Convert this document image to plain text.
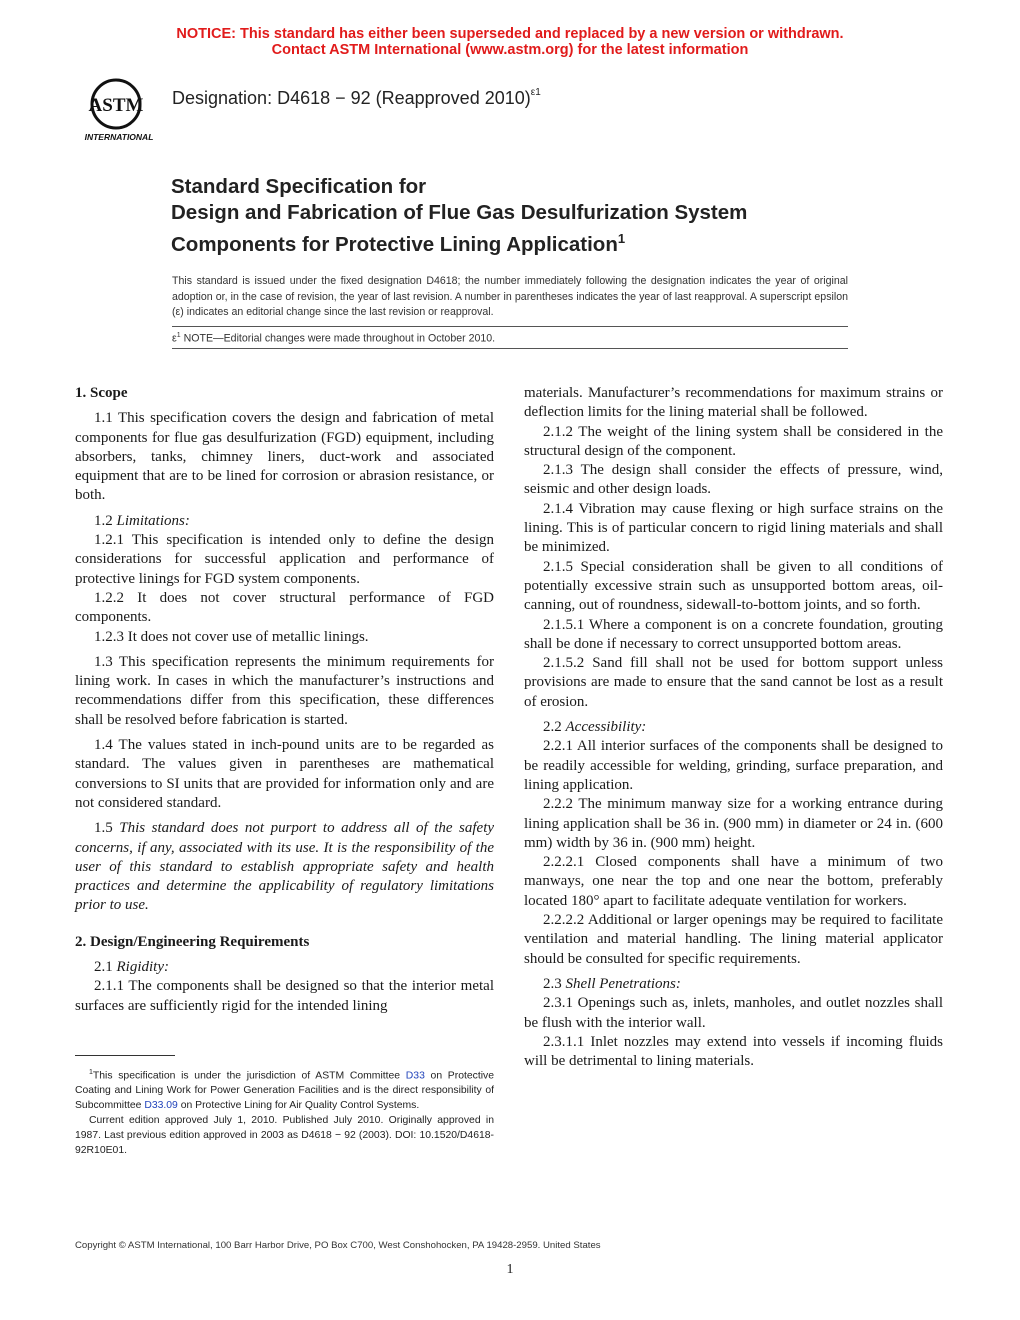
NOTICE: This standard has either been superseded and replaced by a new version or withdrawn.
Contact ASTM International (www.astm.org) for the latest information
ASTM
INTERNATIONAL
Designation: D4618 − 92 (Reapproved 2010)$^{\varepsilon 1}$
Standard Specification for
Design and Fabrication of Flue Gas Desulfurization System
Components for Protective Lining Application$^1$
This standard is issued under the fixed designation D4618; the number immediately following the designation indicates the year of original adoption or, in the case of revision, the year of last revision. A number in parentheses indicates the year of last reapproval. A superscript epsilon (ε) indicates an editorial change since the last revision or reapproval.
$\varepsilon^1$ NOTE—Editorial changes were made throughout in October 2010.
1. Scope

1.1 This specification covers the design and fabrication of metal components for flue gas desulfurization (FGD) equipment, including absorbers, tanks, chimney liners, duct-work and associated equipment that are to be lined for corrosion or abrasion resistance, or both.

1.2 Limitations:

1.2.1 This specification is intended only to define the design considerations for successful application and performance of protective linings for FGD system components.

1.2.2 It does not cover structural performance of FGD components.

1.2.3 It does not cover use of metallic linings.

1.3 This specification represents the minimum requirements for lining work. In cases in which the manufacturer’s instructions and recommendations differ from this specification, these differences shall be resolved before fabrication is started.

1.4 The values stated in inch-pound units are to be regarded as standard. The values given in parentheses are mathematical conversions to SI units that are provided for information only and are not considered standard.

1.5 This standard does not purport to address all of the safety concerns, if any, associated with its use. It is the responsibility of the user of this standard to establish appropriate safety and health practices and determine the applicability of regulatory limitations prior to use.

2. Design/Engineering Requirements

2.1 Rigidity:

2.1.1 The components shall be designed so that the interior metal surfaces are sufficiently rigid for the intended lining

$^1$This specification is under the jurisdiction of ASTM Committee D33 on Protective Coating and Lining Work for Power Generation Facilities and is the direct responsibility of Subcommittee D33.09 on Protective Lining for Air Quality Control Systems.

Current edition approved July 1, 2010. Published July 2010. Originally approved in 1987. Last previous edition approved in 2003 as D4618 − 92 (2003). DOI: 10.1520/D4618-92R10E01.

materials. Manufacturer’s recommendations for maximum strains or deflection limits for the lining material shall be followed.

2.1.2 The weight of the lining system shall be considered in the structural design of the component.

2.1.3 The design shall consider the effects of pressure, wind, seismic and other design loads.

2.1.4 Vibration may cause flexing or high surface strains on the lining. This is of particular concern to rigid lining materials and shall be minimized.

2.1.5 Special consideration shall be given to all conditions of potentially excessive strain such as unsupported bottom areas, oil-canning, out of roundness, sidewall-to-bottom joints, and so forth.

2.1.5.1 Where a component is on a concrete foundation, grouting shall be done if necessary to correct unsupported bottom areas.

2.1.5.2 Sand fill shall not be used for bottom support unless provisions are made to ensure that the sand cannot be lost as a result of erosion.

2.2 Accessibility:

2.2.1 All interior surfaces of the components shall be designed to be readily accessible for welding, grinding, surface preparation, and lining application.

2.2.2 The minimum manway size for a working entrance during lining application shall be 36 in. (900 mm) in diameter or 24 in. (600 mm) width by 36 in. (900 mm) height.

2.2.2.1 Closed components shall have a minimum of two manways, one near the top and one near the bottom, preferably located 180° apart to facilitate adequate ventilation for workers.

2.2.2.2 Additional or larger openings may be required to facilitate ventilation and material handling. The lining material applicator should be consulted for specific requirements.

2.3 Shell Penetrations:

2.3.1 Openings such as, inlets, manholes, and outlet nozzles shall be flush with the interior wall.

2.3.1.1 Inlet nozzles may extend into vessels if incoming fluids will be detrimental to lining materials.

Copyright © ASTM International, 100 Barr Harbor Drive, PO Box C700, West Conshohocken, PA 19428-2959. United States
1
